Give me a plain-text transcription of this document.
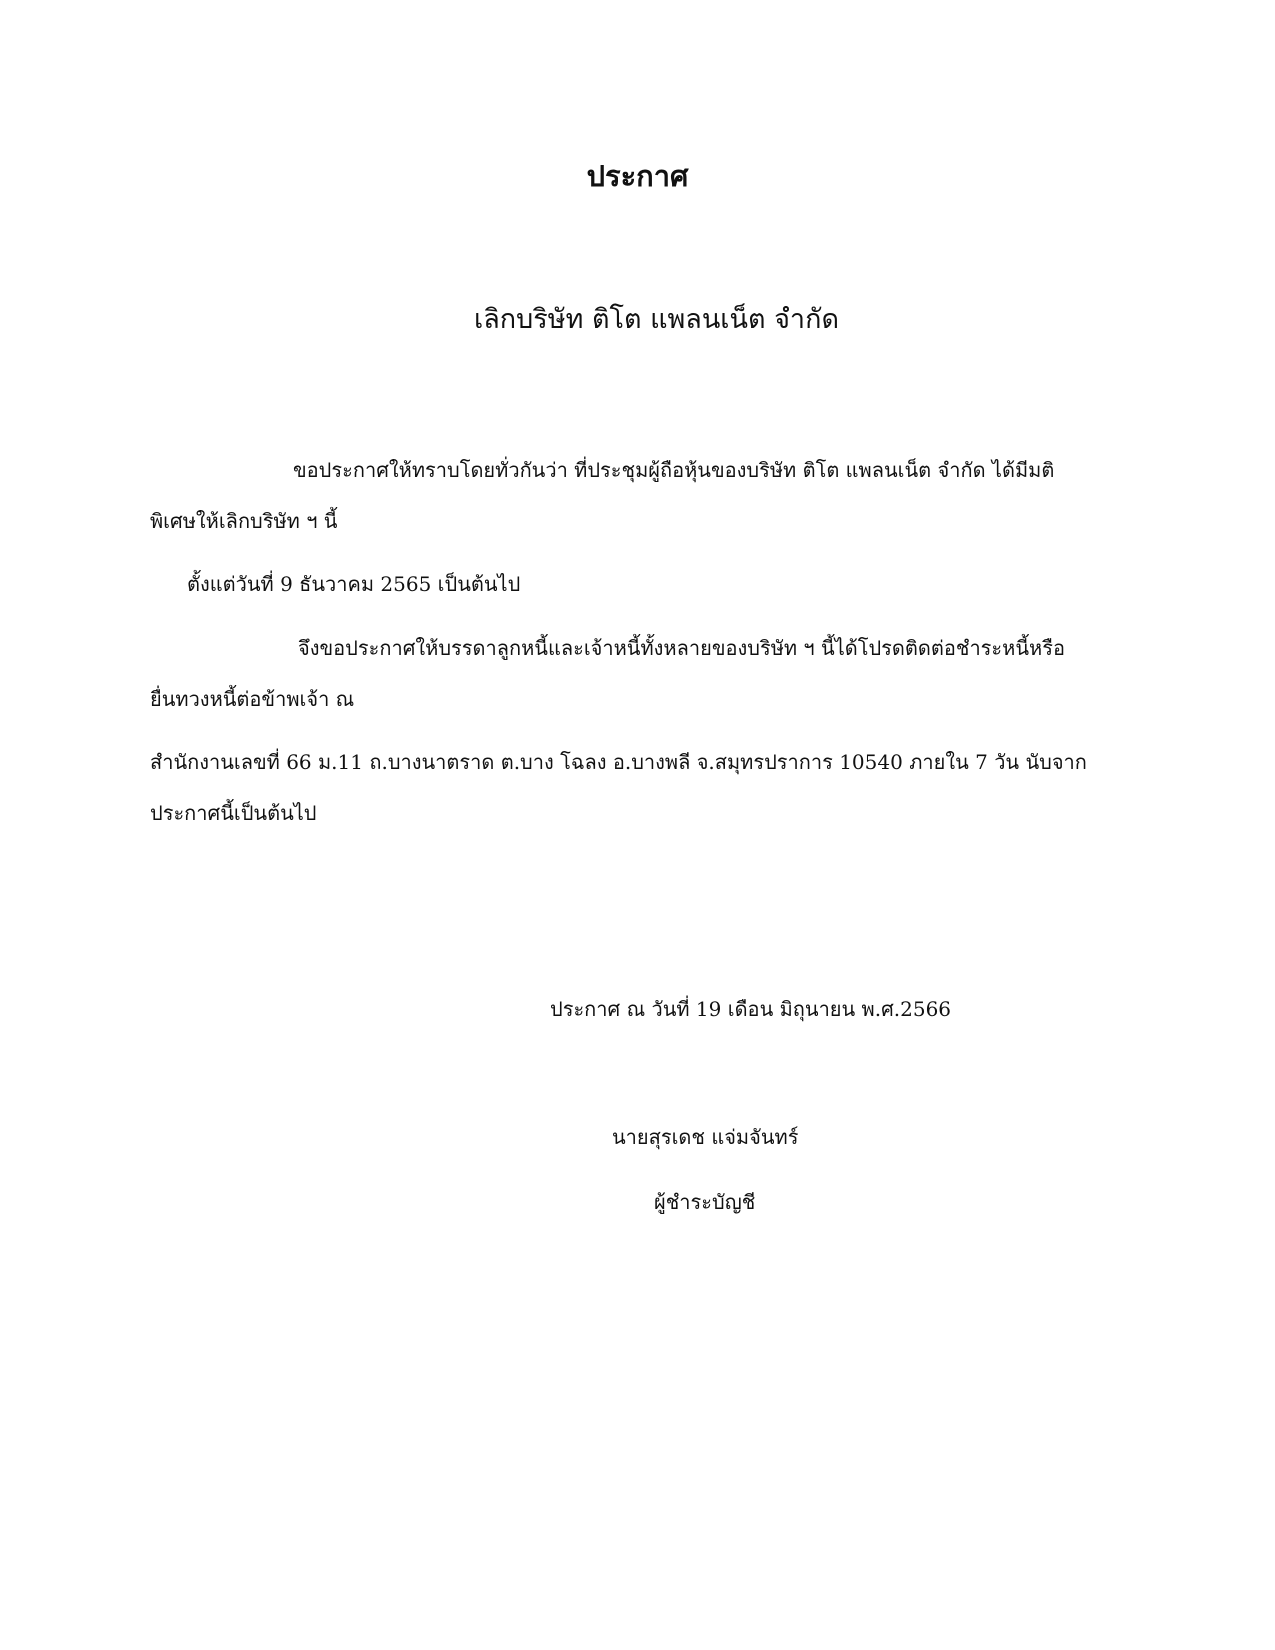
ประกาศ
เลิกบริษัท ติโต แพลนเน็ต จำกัด
ขอประกาศให้ทราบโดยทั่วกันว่า ที่ประชุมผู้ถือหุ้นของบริษัท ติโต แพลนเน็ต จำกัด ได้มีมติ
พิเศษให้เลิกบริษัท ฯ นี้
ตั้งแต่วันที่ 9 ธันวาคม 2565 เป็นต้นไป
จึงขอประกาศให้บรรดาลูกหนี้และเจ้าหนี้ทั้งหลายของบริษัท ฯ นี้ได้โปรดติดต่อชำระหนี้หรือ
ยื่นทวงหนี้ต่อข้าพเจ้า ณ
สำนักงานเลขที่ 66 ม.11 ถ.บางนาตราด ต.บาง โฉลง อ.บางพลี จ.สมุทรปราการ 10540 ภายใน 7 วัน นับจาก
ประกาศนี้เป็นต้นไป
ประกาศ ณ วันที่ 19 เดือน มิถุนายน พ.ศ.2566
นายสุรเดช แจ่มจันทร์
ผู้ชำระบัญชี
